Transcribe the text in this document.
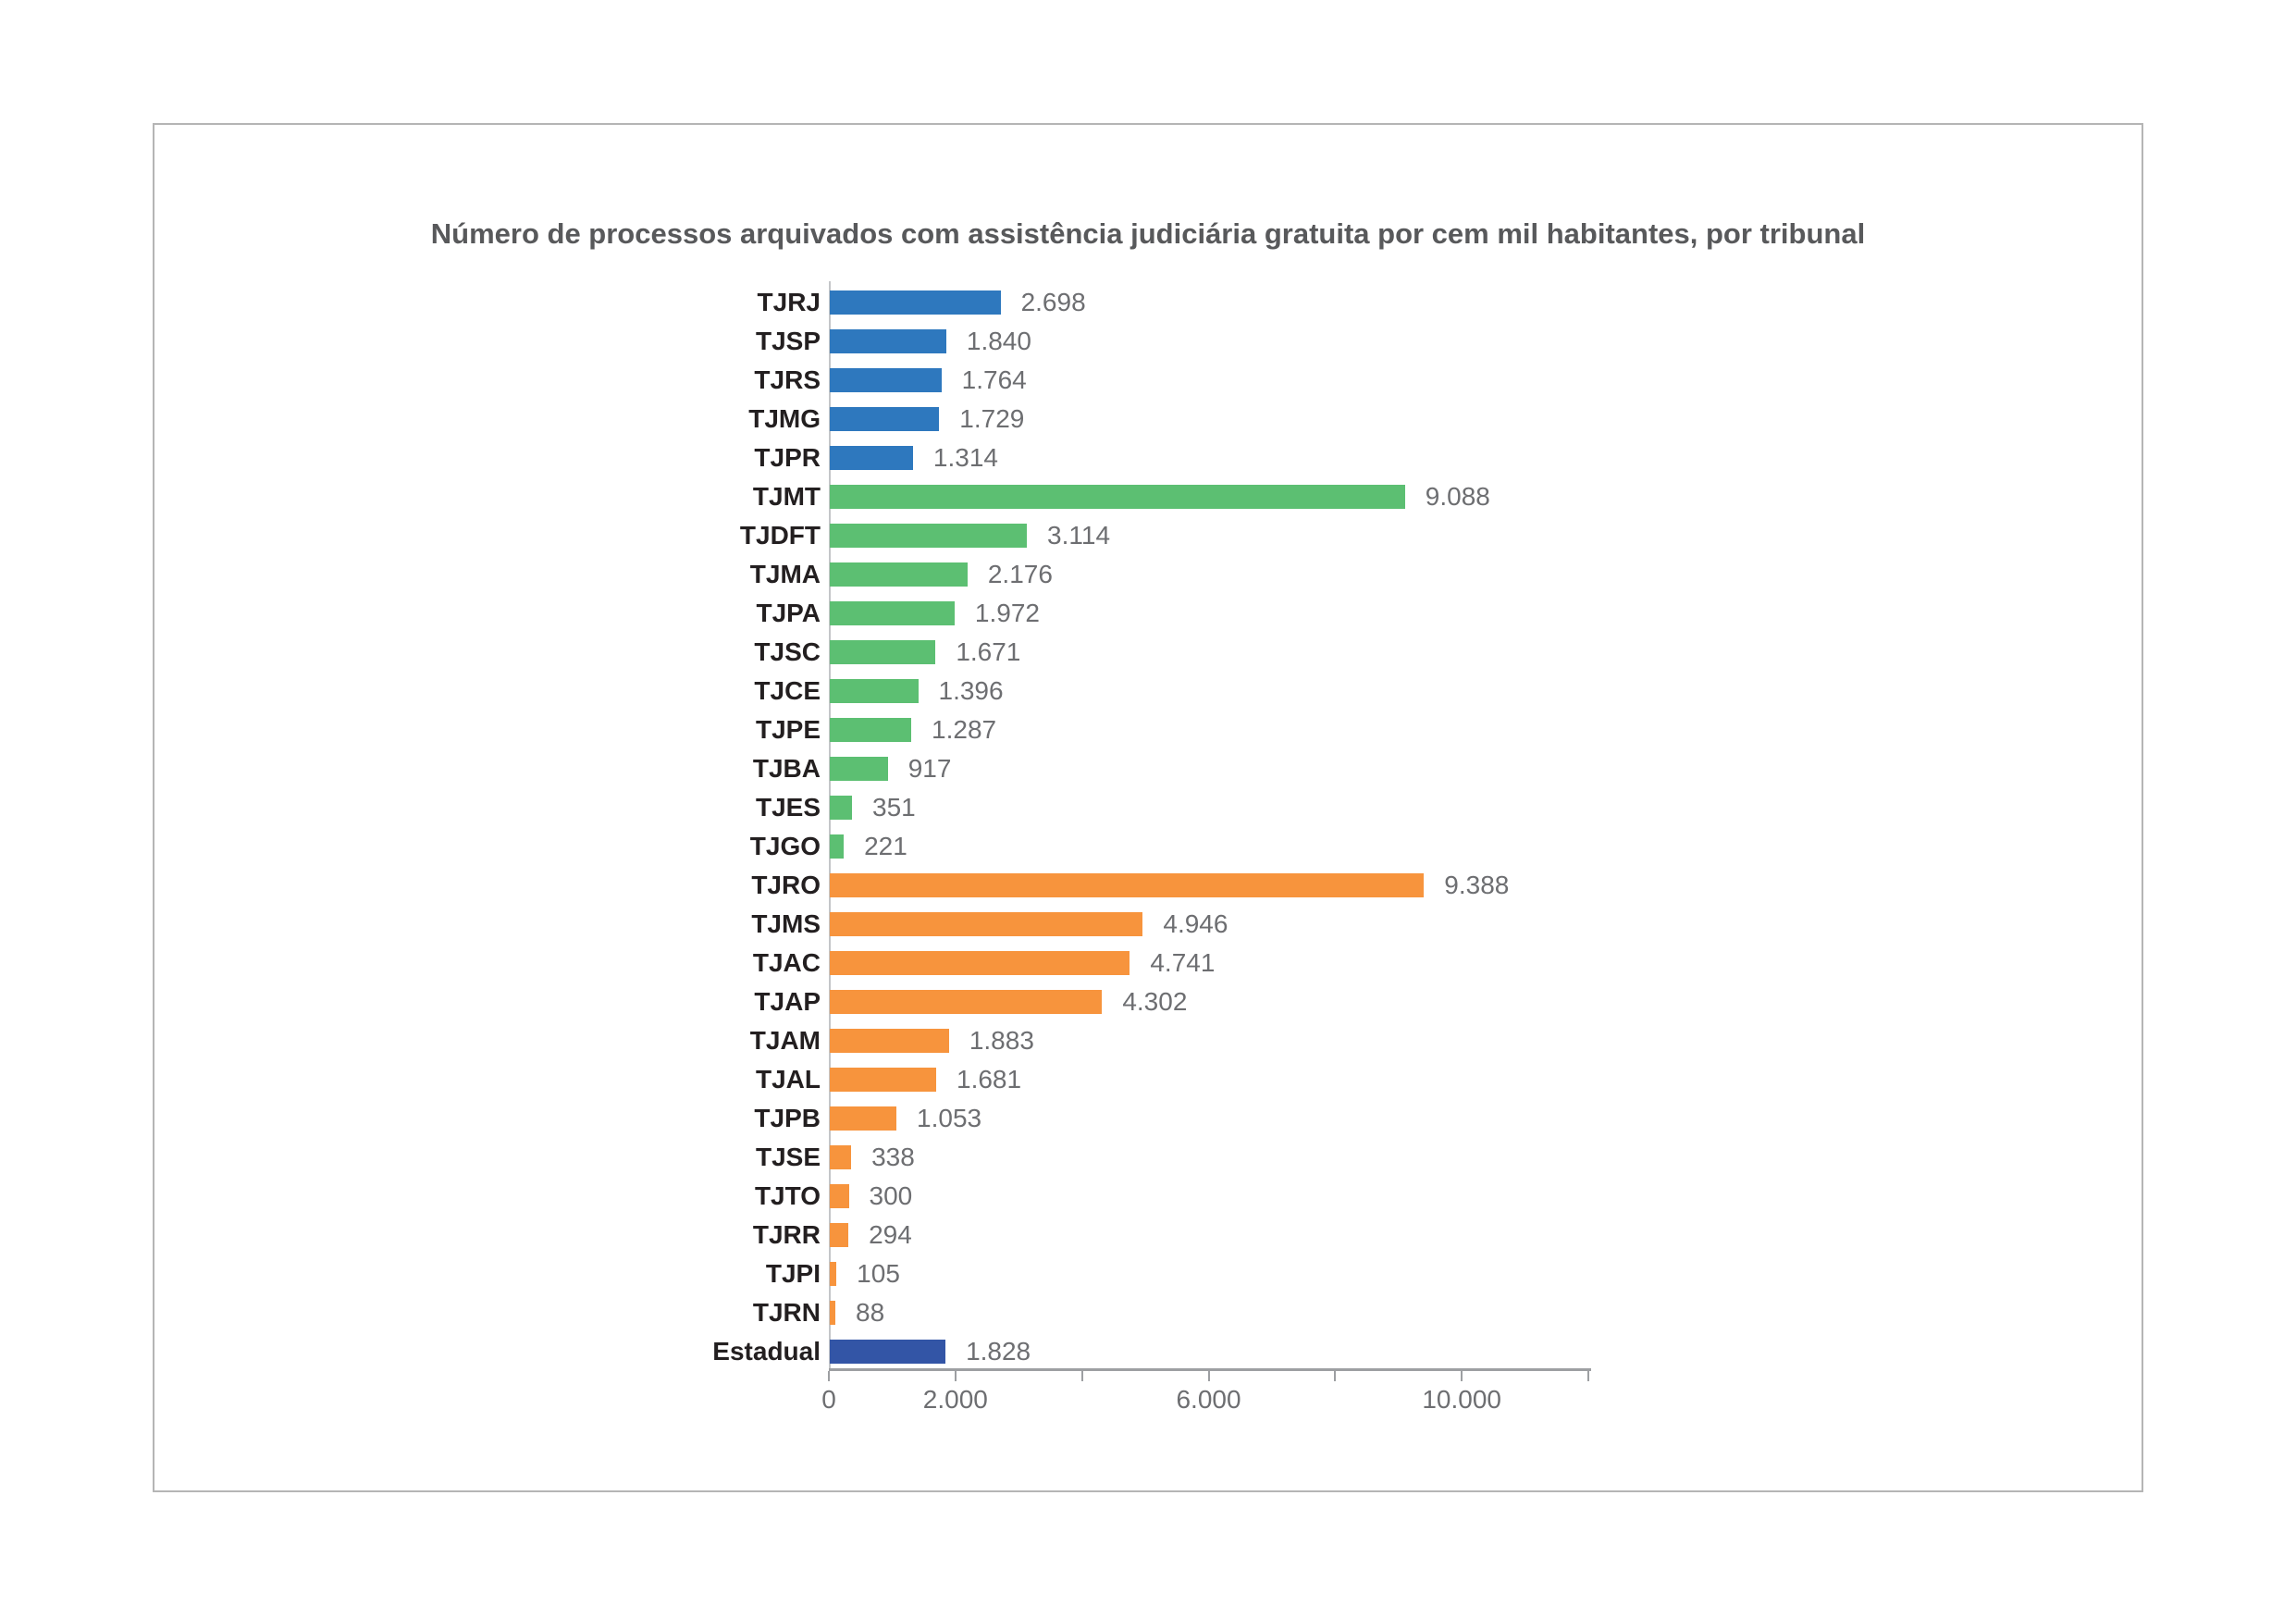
Número de processos arquivados com assistência judiciária gratuita por cem mil habitantes, por tribunal
TJRJ	2.698
TJSP	1.840
TJRS	1.764
TJMG	1.729
TJPR	1.314
TJMT	9.088
TJDFT	3.114
TJMA	2.176
TJPA	1.972
TJSC	1.671
TJCE	1.396
TJPE	1.287
TJBA	917
TJES	351
TJGO	221
TJRO	9.388
TJMS	4.946
TJAC	4.741
TJAP	4.302
TJAM	1.883
TJAL	1.681
TJPB	1.053
TJSE	338
TJTO	300
TJRR	294
TJPI	105
TJRN	88
Estadual	1.828
0	2.000	6.000	10.000
